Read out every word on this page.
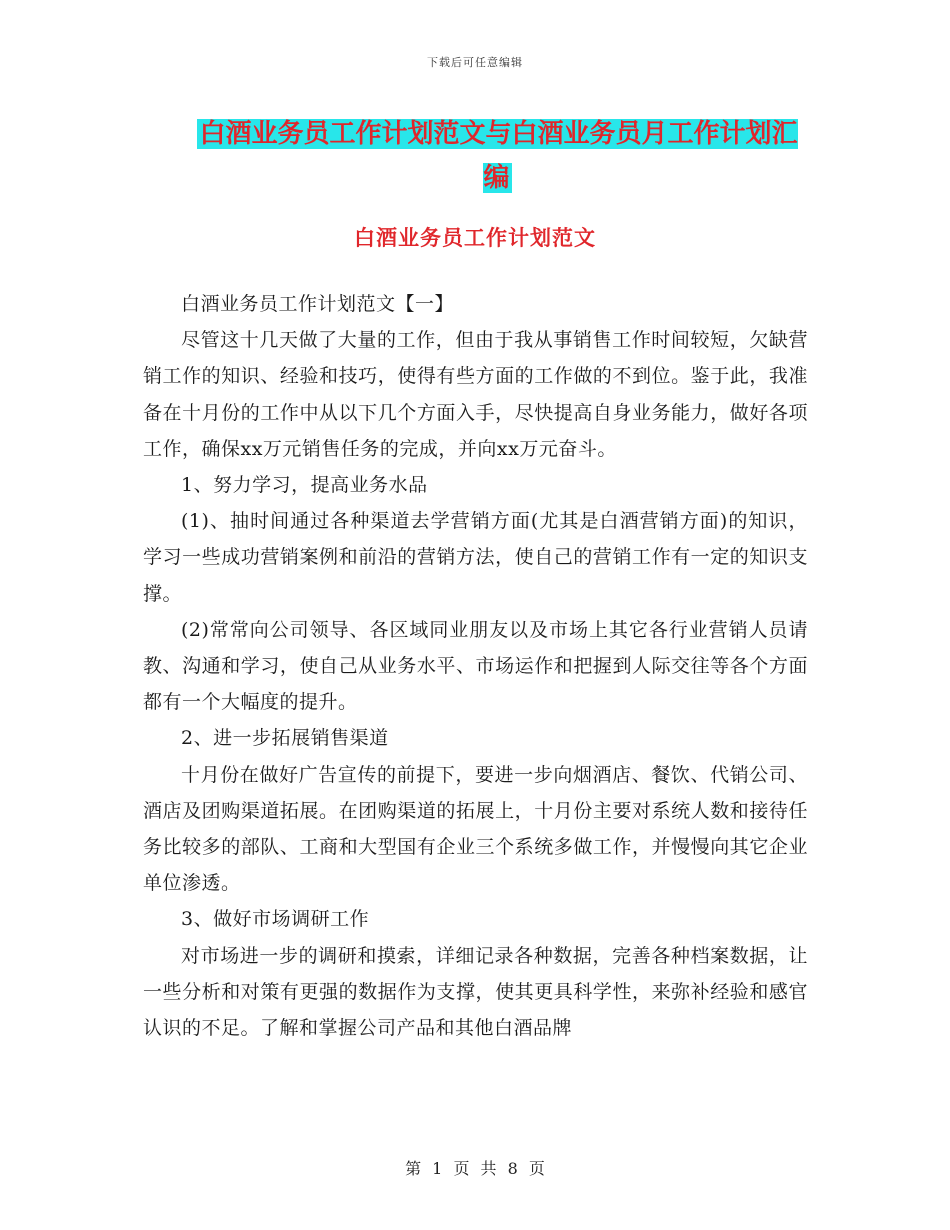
下载后可任意编辑
白酒业务员工作计划范文与白酒业务员月工作计划汇编
白酒业务员工作计划范文

白酒业务员工作计划范文【一】

尽管这十几天做了大量的工作，但由于我从事销售工作时间较短，欠缺营销工作的知识、经验和技巧，使得有些方面的工作做的不到位。鉴于此，我准备在十月份的工作中从以下几个方面入手，尽快提高自身业务能力，做好各项工作，确保xx万元销售任务的完成，并向xx万元奋斗。

1、努力学习，提高业务水品

(1)、抽时间通过各种渠道去学营销方面(尤其是白酒营销方面)的知识，学习一些成功营销案例和前沿的营销方法，使自己的营销工作有一定的知识支撑。

(2)常常向公司领导、各区域同业朋友以及市场上其它各行业营销人员请教、沟通和学习，使自己从业务水平、市场运作和把握到人际交往等各个方面都有一个大幅度的提升。

2、进一步拓展销售渠道

十月份在做好广告宣传的前提下，要进一步向烟酒店、餐饮、代销公司、酒店及团购渠道拓展。在团购渠道的拓展上，十月份主要对系统人数和接待任务比较多的部队、工商和大型国有企业三个系统多做工作，并慢慢向其它企业单位渗透。

3、做好市场调研工作

对市场进一步的调研和摸索，详细记录各种数据，完善各种档案数据，让一些分析和对策有更强的数据作为支撑，使其更具科学性，来弥补经验和感官认识的不足。了解和掌握公司产品和其他白酒品牌

第 1 页 共 8 页
